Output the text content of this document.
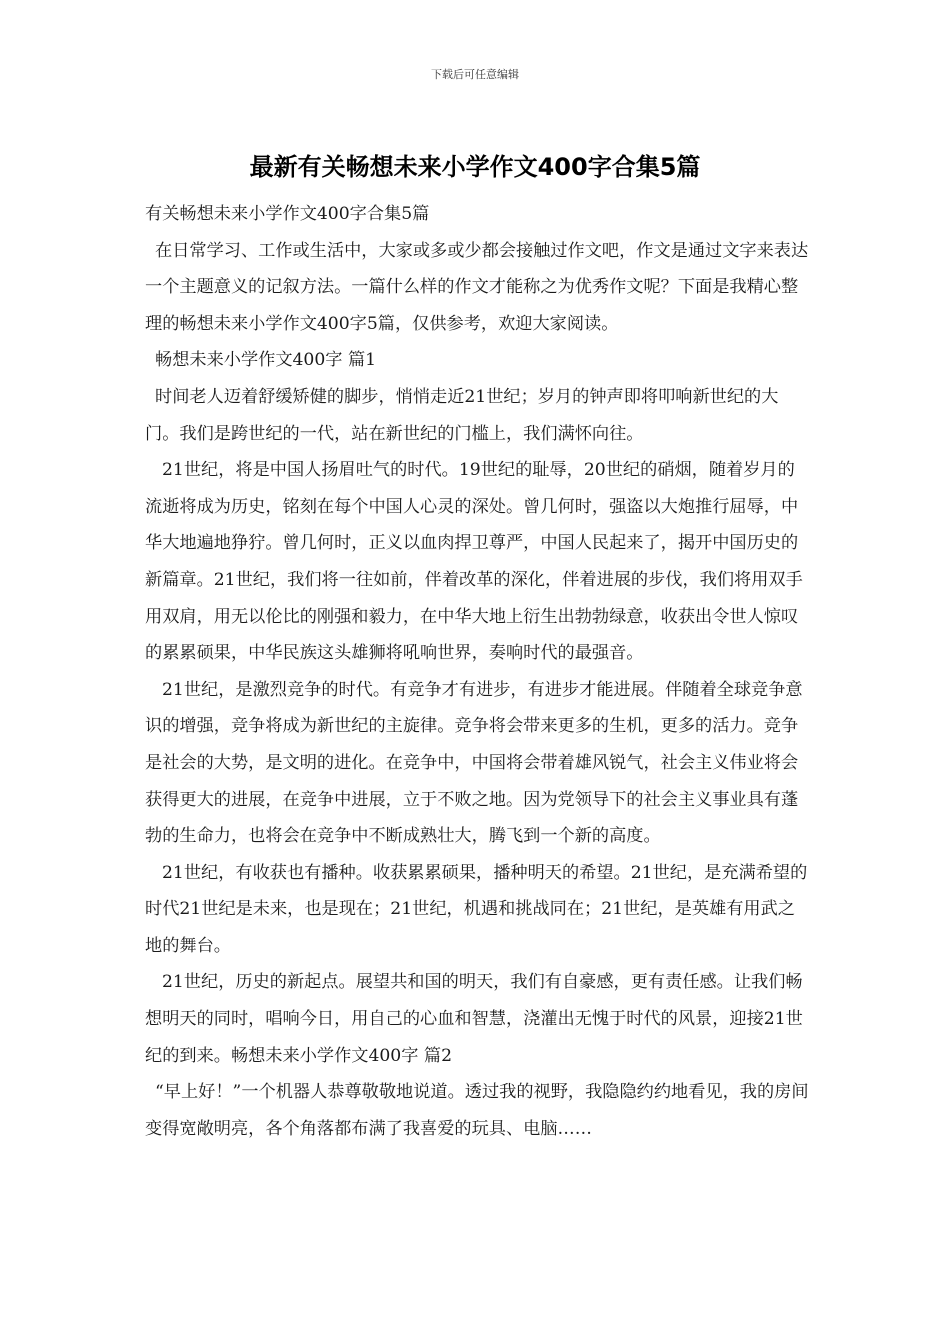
下载后可任意编辑
最新有关畅想未来小学作文400字合集5篇

有关畅想未来小学作文400字合集5篇

在日常学习、工作或生活中，大家或多或少都会接触过作文吧，作文是通过文字来表达一个主题意义的记叙方法。一篇什么样的作文才能称之为优秀作文呢？下面是我精心整理的畅想未来小学作文400字5篇，仅供参考，欢迎大家阅读。

畅想未来小学作文400字 篇1

时间老人迈着舒缓矫健的脚步，悄悄走近21世纪；岁月的钟声即将叩响新世纪的大门。我们是跨世纪的一代，站在新世纪的门槛上，我们满怀向往。

21世纪，将是中国人扬眉吐气的时代。19世纪的耻辱，20世纪的硝烟，随着岁月的流逝将成为历史，铭刻在每个中国人心灵的深处。曾几何时，强盗以大炮推行屈辱，中华大地遍地狰狞。曾几何时，正义以血肉捍卫尊严，中国人民起来了，揭开中国历史的新篇章。21世纪，我们将一往如前，伴着改革的深化，伴着进展的步伐，我们将用双手用双肩，用无以伦比的刚强和毅力，在中华大地上衍生出勃勃绿意，收获出令世人惊叹的累累硕果，中华民族这头雄狮将吼响世界，奏响时代的最强音。

21世纪，是激烈竞争的时代。有竞争才有进步，有进步才能进展。伴随着全球竞争意识的增强，竞争将成为新世纪的主旋律。竞争将会带来更多的生机，更多的活力。竞争是社会的大势，是文明的进化。在竞争中，中国将会带着雄风锐气，社会主义伟业将会获得更大的进展，在竞争中进展，立于不败之地。因为党领导下的社会主义事业具有蓬勃的生命力，也将会在竞争中不断成熟壮大，腾飞到一个新的高度。

21世纪，有收获也有播种。收获累累硕果，播种明天的希望。21世纪，是充满希望的时代21世纪是未来，也是现在；21世纪，机遇和挑战同在；21世纪，是英雄有用武之地的舞台。

21世纪，历史的新起点。展望共和国的明天，我们有自豪感，更有责任感。让我们畅想明天的同时，唱响今日，用自己的心血和智慧，浇灌出无愧于时代的风景，迎接21世纪的到来。畅想未来小学作文400字 篇2

“早上好！”一个机器人恭尊敬敬地说道。透过我的视野，我隐隐约约地看见，我的房间变得宽敞明亮，各个角落都布满了我喜爱的玩具、电脑……
